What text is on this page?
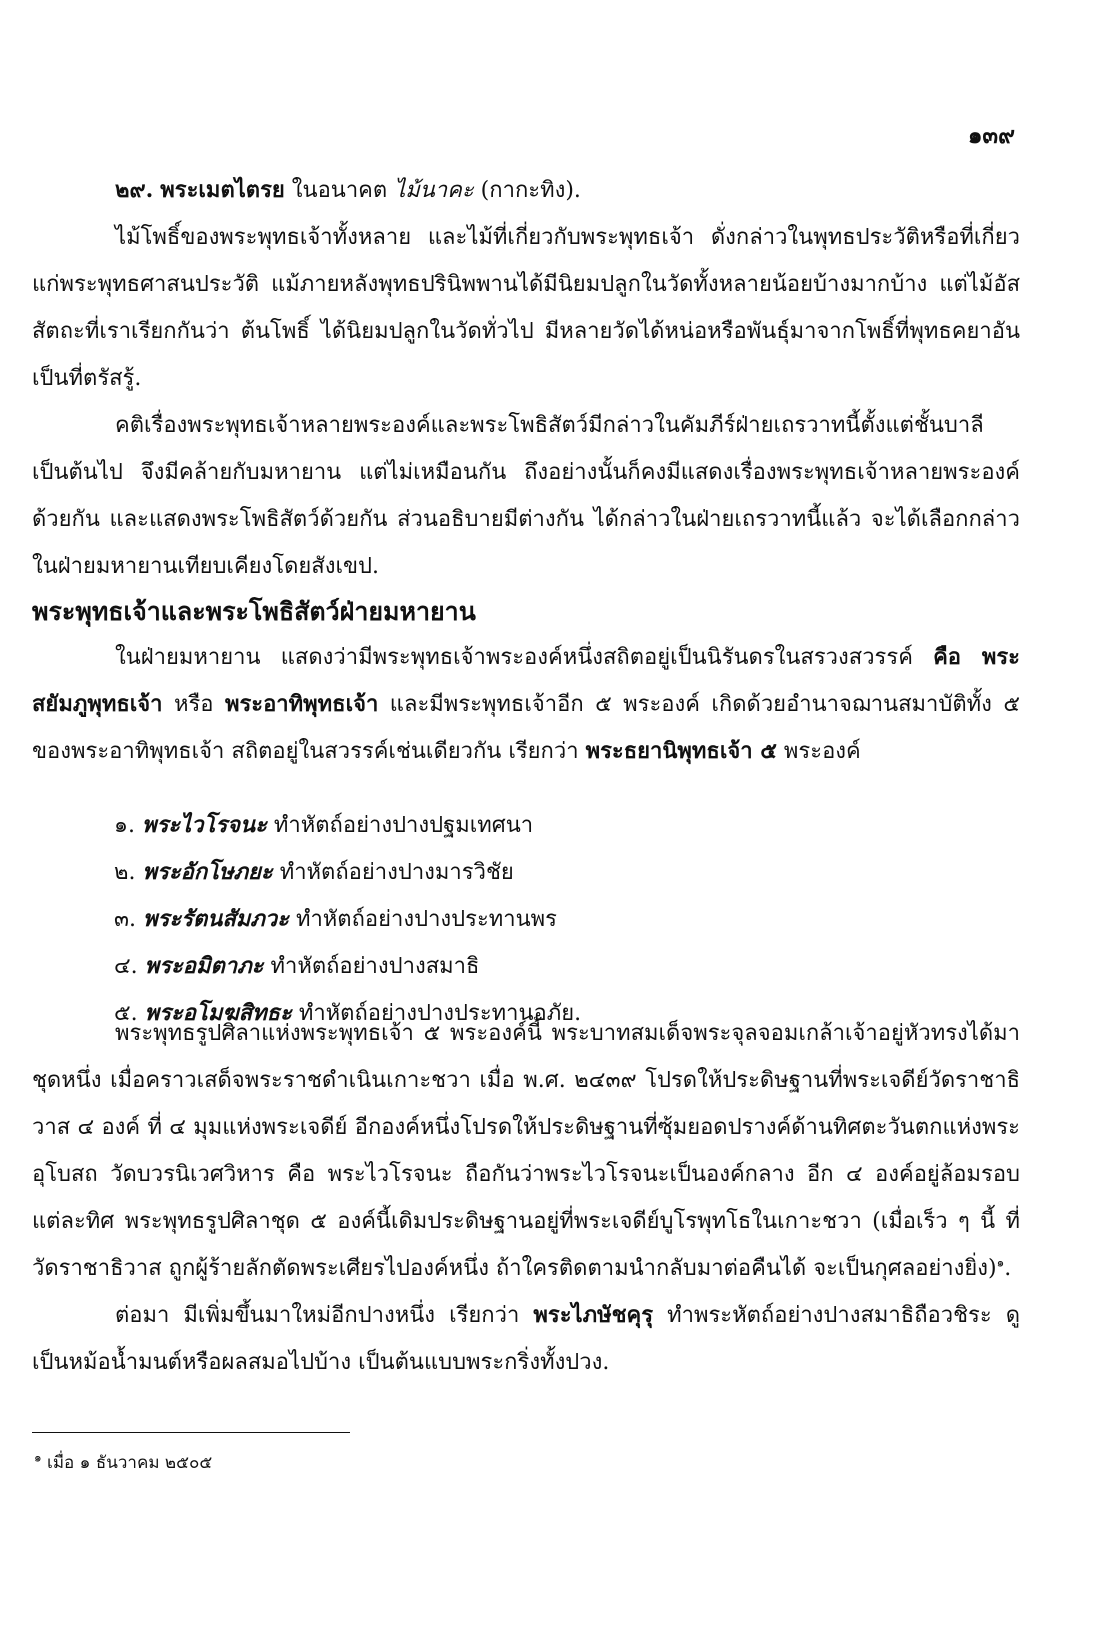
๑๓๙

๒๙. พระเมตไตรย ในอนาคต ไม้นาคะ (กากะทิง).

ไม้โพธิ์ของพระพุทธเจ้าทั้งหลาย และไม้ที่เกี่ยวกับพระพุทธเจ้า ดั่งกล่าวในพุทธประวัติหรือที่เกี่ยวแก่พระพุทธศาสนประวัติ แม้ภายหลังพุทธปรินิพพานได้มีนิยมปลูกในวัดทั้งหลายน้อยบ้างมากบ้าง แต่ไม้อัสสัตถะที่เราเรียกกันว่า ต้นโพธิ์ ได้นิยมปลูกในวัดทั่วไป มีหลายวัดได้หน่อหรือพันธุ์มาจากโพธิ์ที่พุทธคยาอันเป็นที่ตรัสรู้.

คติเรื่องพระพุทธเจ้าหลายพระองค์และพระโพธิสัตว์มีกล่าวในคัมภีร์ฝ่ายเถรวาทนี้ตั้งแต่ชั้นบาลีเป็นต้นไป จึงมีคล้ายกับมหายาน แต่ไม่เหมือนกัน ถึงอย่างนั้นก็คงมีแสดงเรื่องพระพุทธเจ้าหลายพระองค์ด้วยกัน และแสดงพระโพธิสัตว์ด้วยกัน ส่วนอธิบายมีต่างกัน ได้กล่าวในฝ่ายเถรวาทนี้แล้ว จะได้เลือกกล่าวในฝ่ายมหายานเทียบเคียงโดยสังเขป.

พระพุทธเจ้าและพระโพธิสัตว์ฝ่ายมหายาน

ในฝ่ายมหายาน แสดงว่ามีพระพุทธเจ้าพระองค์หนึ่งสถิตอยู่เป็นนิรันดรในสรวงสวรรค์ คือ พระสยัมภูพุทธเจ้า หรือ พระอาทิพุทธเจ้า และมีพระพุทธเจ้าอีก ๕ พระองค์ เกิดด้วยอำนาจฌานสมาบัติทั้ง ๕ ของพระอาทิพุทธเจ้า สถิตอยู่ในสวรรค์เช่นเดียวกัน เรียกว่า พระธยานิพุทธเจ้า ๕ พระองค์

๑. พระไวโรจนะ ทำหัตถ์อย่างปางปฐมเทศนา

๒. พระอักโษภยะ ทำหัตถ์อย่างปางมารวิชัย

๓. พระรัตนสัมภวะ ทำหัตถ์อย่างปางประทานพร

๔. พระอมิตาภะ ทำหัตถ์อย่างปางสมาธิ

๕. พระอโมฆสิทธะ ทำหัตถ์อย่างปางประทานอภัย.

พระพุทธรูปศิลาแห่งพระพุทธเจ้า ๕ พระองค์นี้ พระบาทสมเด็จพระจุลจอมเกล้าเจ้าอยู่หัวทรงได้มาชุดหนึ่ง เมื่อคราวเสด็จพระราชดำเนินเกาะชวา เมื่อ พ.ศ. ๒๔๓๙ โปรดให้ประดิษฐานที่พระเจดีย์วัดราชาธิวาส ๔ องค์ ที่ ๔ มุมแห่งพระเจดีย์ อีกองค์หนึ่งโปรดให้ประดิษฐานที่ซุ้มยอดปรางค์ด้านทิศตะวันตกแห่งพระอุโบสถ วัดบวรนิเวศวิหาร คือ พระไวโรจนะ ถือกันว่าพระไวโรจนะเป็นองค์กลาง อีก ๔ องค์อยู่ล้อมรอบแต่ละทิศ พระพุทธรูปศิลาชุด ๕ องค์นี้เดิมประดิษฐานอยู่ที่พระเจดีย์บูโรพุทโธในเกาะชวา (เมื่อเร็ว ๆ นี้ ที่วัดราชาธิวาส ถูกผู้ร้ายลักตัดพระเศียรไปองค์หนึ่ง ถ้าใครติดตามนำกลับมาต่อคืนได้ จะเป็นกุศลอย่างยิ่ง)$^๑$.

ต่อมา มีเพิ่มขึ้นมาใหม่อีกปางหนึ่ง เรียกว่า พระไภษัชคุรุ ทำพระหัตถ์อย่างปางสมาธิถือวชิระ ดูเป็นหม้อน้ำมนต์หรือผลสมอไปบ้าง เป็นต้นแบบพระกริ่งทั้งปวง.

$^๑$ เมื่อ ๑ ธันวาคม ๒๕๐๕
